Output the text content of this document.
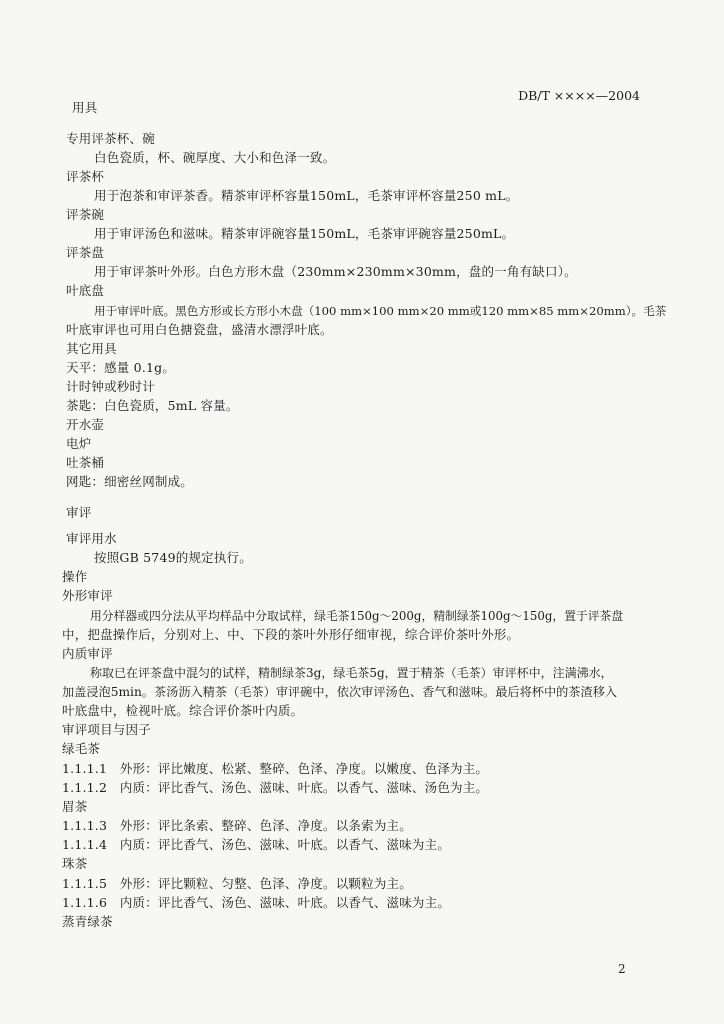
DB/T ××××—2004
用具
专用评茶杯、碗
白色瓷质，杯、碗厚度、大小和色泽一致。
评茶杯
用于泡茶和审评茶香。精茶审评杯容量150mL，毛茶审评杯容量250 mL。
评茶碗
用于审评汤色和滋味。精茶审评碗容量150mL，毛茶审评碗容量250mL。
评茶盘
用于审评茶叶外形。白色方形木盘（230mm×230mm×30mm，盘的一角有缺口）。
叶底盘
用于审评叶底。黑色方形或长方形小木盘（100 mm×100 mm×20 mm或120 mm×85 mm×20mm）。毛茶
叶底审评也可用白色搪瓷盘，盛清水漂浮叶底。
其它用具
天平：感量 0.1g。
计时钟或秒时计
茶匙：白色瓷质，5mL 容量。
开水壶
电炉
吐茶桶
网匙：细密丝网制成。
审评
审评用水
按照GB 5749的规定执行。
操作
外形审评
用分样器或四分法从平均样品中分取试样，绿毛茶150g～200g，精制绿茶100g～150g，置于评茶盘
中，把盘操作后，分别对上、中、下段的茶叶外形仔细审视，综合评价茶叶外形。
内质审评
称取已在评茶盘中混匀的试样，精制绿茶3g，绿毛茶5g，置于精茶（毛茶）审评杯中，注满沸水，
加盖浸泡5min。茶汤沥入精茶（毛茶）审评碗中，依次审评汤色、香气和滋味。最后将杯中的茶渣移入
叶底盘中，检视叶底。综合评价茶叶内质。
审评项目与因子
绿毛茶
1.1.1.1　外形：评比嫩度、松紧、整碎、色泽、净度。以嫩度、色泽为主。
1.1.1.2　内质：评比香气、汤色、滋味、叶底。以香气、滋味、汤色为主。
眉茶
1.1.1.3　外形：评比条索、整碎、色泽、净度。以条索为主。
1.1.1.4　内质：评比香气、汤色、滋味、叶底。以香气、滋味为主。
珠茶
1.1.1.5　外形：评比颗粒、匀整、色泽、净度。以颗粒为主。
1.1.1.6　内质：评比香气、汤色、滋味、叶底。以香气、滋味为主。
蒸青绿茶
2
